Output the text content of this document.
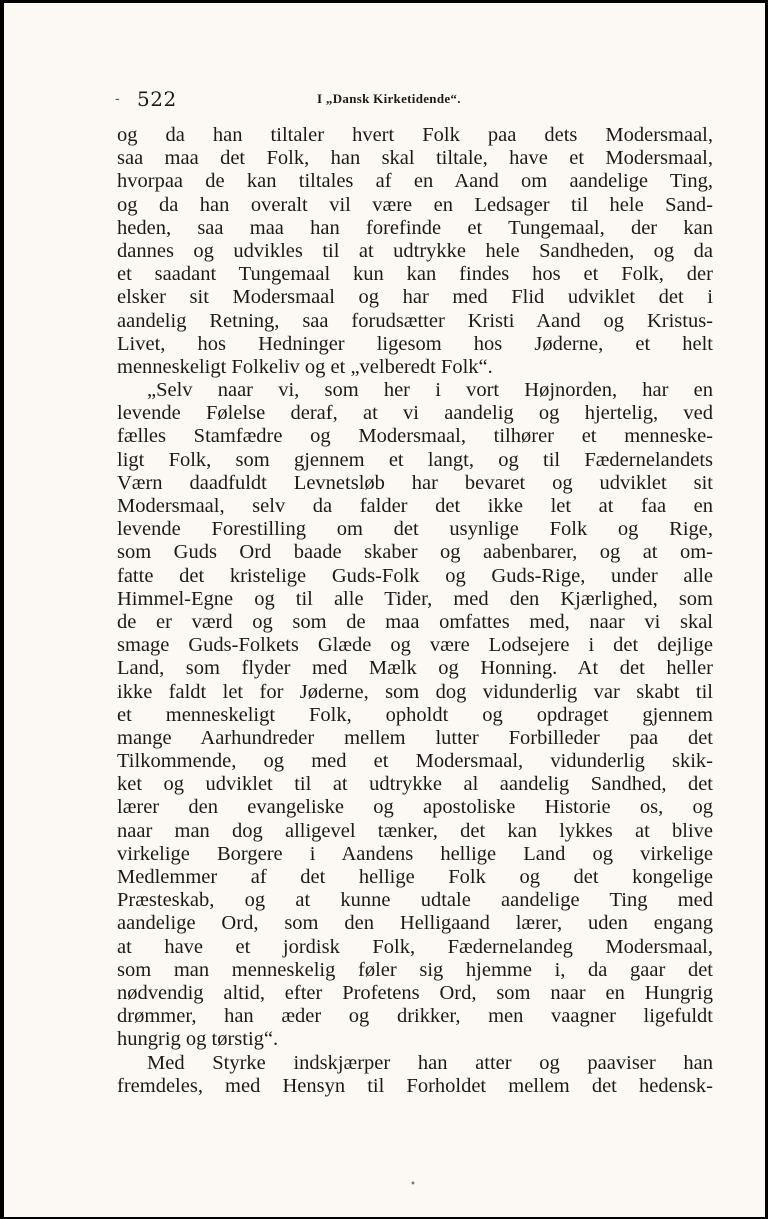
- 522	I „Dansk Kirketidende“.
og da han tiltaler hvert Folk paa dets Modersmaal,
saa maa det Folk, han skal tiltale, have et Modersmaal,
hvorpaa de kan tiltales af en Aand om aandelige Ting,
og da han overalt vil være en Ledsager til hele Sand-
heden, saa maa han forefinde et Tungemaal, der kan
dannes og udvikles til at udtrykke hele Sandheden, og da
et saadant Tungemaal kun kan findes hos et Folk, der
elsker sit Modersmaal og har med Flid udviklet det i
aandelig Retning, saa forudsætter Kristi Aand og Kristus-
Livet, hos Hedninger ligesom hos Jøderne, et helt
menneskeligt Folkeliv og et „velberedt Folk“.
„Selv naar vi, som her i vort Højnorden, har en
levende Følelse deraf, at vi aandelig og hjertelig, ved
fælles Stamfædre og Modersmaal, tilhører et menneske-
ligt Folk, som gjennem et langt, og til Fædernelandets
Værn daadfuldt Levnetsløb har bevaret og udviklet sit
Modersmaal, selv da falder det ikke let at faa en
levende Forestilling om det usynlige Folk og Rige,
som Guds Ord baade skaber og aabenbarer, og at om-
fatte det kristelige Guds-Folk og Guds-Rige, under alle
Himmel-Egne og til alle Tider, med den Kjærlighed, som
de er værd og som de maa omfattes med, naar vi skal
smage Guds-Folkets Glæde og være Lodsejere i det dejlige
Land, som flyder med Mælk og Honning. At det heller
ikke faldt let for Jøderne, som dog vidunderlig var skabt til
et menneskeligt Folk, opholdt og opdraget gjennem
mange Aarhundreder mellem lutter Forbilleder paa det
Tilkommende, og med et Modersmaal, vidunderlig skik-
ket og udviklet til at udtrykke al aandelig Sandhed, det
lærer den evangeliske og apostoliske Historie os, og
naar man dog alligevel tænker, det kan lykkes at blive
virkelige Borgere i Aandens hellige Land og virkelige
Medlemmer af det hellige Folk og det kongelige
Præsteskab, og at kunne udtale aandelige Ting med
aandelige Ord, som den Helligaand lærer, uden engang
at have et jordisk Folk, Fædernelandeg Modersmaal,
som man menneskelig føler sig hjemme i, da gaar det
nødvendig altid, efter Profetens Ord, som naar en Hungrig
drømmer, han æder og drikker, men vaagner ligefuldt
hungrig og tørstig“.
Med Styrke indskjærper han atter og paaviser han
fremdeles, med Hensyn til Forholdet mellem det hedensk-
•
